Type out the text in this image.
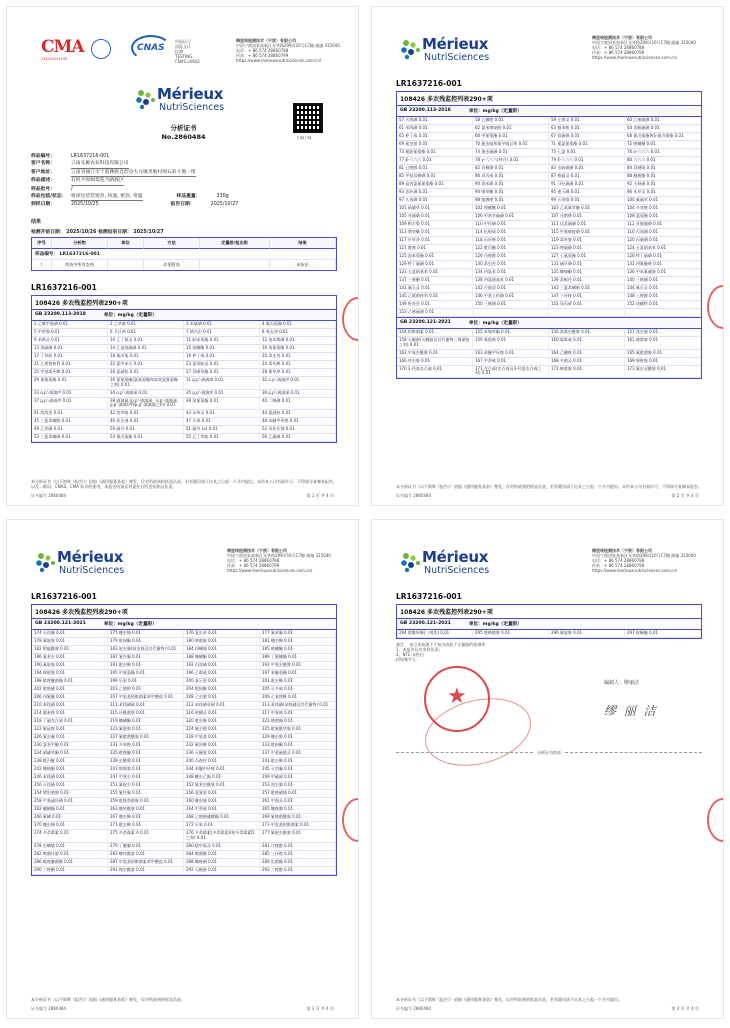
CMA
231020341198
CNAS
中国认可
国际互认
检测
TESTING
CNAS L6942
梅里埃检测技术（宁波）有限公司
中国宁波国家高新区光华路299弄16号C7幢 邮编 315040
电话：+ 86 574 28860788
传真：+ 86 574 28860799
https://www.merieuxnutrisciences.com.cn/
Mérieux
NutriSciences
扫码下载
分析证书
No.2860484
样品编号：	LR1637216-001
客户名称：	云南头雁农业科技有限公司
客户地址：	云南省丽江市宁蒗彝族自治县大兴镇青地村坝石前寸地一组
样品描述：	有机平原刺梨苞乃路渡区
样品批号：	/
样品包装/状态： 密闭包装装密封, 快递, 密封, 常温	样品重量：	330g
到样日期：	2025/10/25	报告日期：	2025/10/27
结果
检测开始日期： 2025/10/26 检测结束日期： 2025/10/27
序号	分析物	单位	方法	定量限/检出限	结果
样品编号： LR1637216-001
/	列表中所有农药	详见附表	未检出
LR1637216-001
108426 多农残监控列表290+项
GB 23200.113-2018	单位：mg/kg（定量限）
1 乙酰甲胺磷 0.01	2 乙草胺 0.01	3 苯硫磷 0.01	4 氟丙菊酯 0.01
5 甲草胺 0.01	6 艾氏剂 0.01	7 烯丙虫 0.01	8 莠去津 0.01
9 苯菌灵 0.01	10 乙丁氟灵 0.01	11 联苯菊酯 0.01	12 溴苯烯磷 0.01
13 溴硫磷 0.01	14 乙基溴硫磷 0.01	15 溴螨酯 0.01	16 溴氰菊酯 0.01
17 丁草胺 0.01	18 氟丙菊 0.01	19 仲丁威 0.01	20 毒虫畏 0.01
21 乙烯菌核利 0.01	22 氯甲苯灭 0.01	23 氯苯胺灵 0.01	24 毒死蜱 0.01
25 甲基毒死蜱 0.01	26 氯硝胺 0.01	27 异噁草酮 0.01	28 氰草津 0.01
29 氰氟菊酯 0.01	30 氯氰菊酯(氯氰菊酯和高效氯氰菊酯之和) 0.01
31 p,p'-滴滴滴 0.01	32 o,p'-滴滴伊 0.01
33 o,p'-滴滴伊 0.01	34 o,p'-滴滴涕 0.01	35 p,p'-滴滴伊 0.01	36 p,p'-滴滴涕 0.01
37 p,p'-滴滴伊 0.01	38 滴滴涕 (p,p'-滴滴涕、o,p'-滴滴涕、p,p'-滴滴伊和p,p'-滴滴滴之和) 0.01
39 溴氰菊酯 0.01	40 二嗪磷 0.01
41 敌敌畏 0.01	42 敌草腈 0.01	43 禾草灵 0.01	44 氯硝胺 0.01
45 三氯杀螨醇 0.01	46 狄氏剂 0.01	47 乐果 0.01	48 苯醚甲环唑 0.01
49 乙拌磷 0.01	50 硫丹 0.01	51 硫丹 (α) 0.01	52 异狄氏剂 0.01
53 三氯杀螨砜 0.01	54 氰戊菊酯 0.01	55 乙丁草胺 0.01	56 乙硫磷 0.01
本分析证书（以下简称《报告》）依据《通用服务条款》签发，仅对所收到的样品负责，若有疑问请于出具之日起一个月内提出。未经本公司书面许可，不得部分复制本报告，以及二维码、CNAS、CMA 标识的使用，本报告结果仅对委托方所送检样品负责。
证书编号 2860484	第 1 页 共 4 页
Mérieux
NutriSciences
梅里埃检测技术（宁波）有限公司
中国宁波国家高新区光华路299弄16号C7幢 邮编 315040
电话：+ 86 574 28860788
传真：+ 86 574 28860799
https://www.merieuxnutrisciences.com.cn/
LR1637216-001
108426 多农残监控列表290+项
GB 23200.113-2018	单位：mg/kg（定量限）
57 灭线磷 0.01	58 乙螨唑 0.01	59 土菌灵 0.01	60 乙嘧硫磷 0.01
61 苯线磷 0.01	62 氯苯嘧啶醇 0.01	63 腈苯唑 0.01	64 杀螟硫磷 0.01
65 仲丁威 0.01	66 甲氰菊酯 0.01	67 倍硫磷 0.01	68 氰戊菊酯和S-氰戊菊酯 0.01
69 氟虫腈 0.01	70 氟虫腈和氟甲腈总和 0.01	71 氟氯氰菊酯 0.01	72 喹螨醚 0.01
73 氟胺氰菊酯 0.01	74 地虫硫磷 0.01	75 七氯 0.01	76 α-六六六 0.01
77 β-六六六 0.01	78 γ-六六六(林丹) 0.01	79 δ-六六六 0.01	80 六六六 0.01
81 己唑醇 0.01	82 异柳磷 0.01	83 水胺硫磷 0.01	84 异噁隆 0.01
85 甲基异柳磷 0.01	86 异丙威 0.01	87 稻瘟灵 0.01	88 醚菌酯 0.01
89 高效氯氟氰菊酯 0.01	90 溴苯磷 0.01	91 马拉硫磷 0.01	92 灭蚜磷 0.01
93 杀扑磷 0.01	94 嗪草酮 0.01	95 速灭磷 0.01	96 禾草灵 0.01
97 久效磷 0.01	98 腈菌唑 0.01	99 灭草隆 0.01	100 氟硫草 0.01
101 硝磺草 0.01	102 喹螨醚 0.01	103 乙氧氟草醚 0.01	104 多效唑 0.01
105 对硫磷 0.01	106 甲基对硫磷 0.01	107 戊菌唑 0.01	108 氯菊酯 0.01
109 稻丰散 0.01	110 甲拌磷 0.01	111 伏杀硫磷 0.01	112 亚胺硫磷 0.01
113 增效醚 0.01	114 抗蚜威 0.01	115 甲基嘧啶磷 0.01	116 丙溴磷 0.01
117 扑草净 0.01	118 丙环唑 0.01	119 毒草胺 0.01	120 丙硫磷 0.01
121 吡唑 0.01	122 吡丙醚 0.01	123 喹硫磷 0.01	124 五氯硝基苯 0.01
125 溴苯菊酯 0.01	126 戊唑醇 0.01	127 七氟菊酯 0.01	128 特丁硫磷 0.01
129 特丁硫磷 0.01	130 杀虫畏 0.01	131 硫环磷 0.01	132 四氟醚唑 0.01
133 五氯硝基苯 0.01	134 四氯苯 0.01	135 噻嗪酮 0.01	136 甲苯氟磺胺 0.01
137 三唑酮 0.01	138 四氯硝基苯 0.01	139 杀螟丹 0.01	140 三唑磷 0.01
141 氟乐灵 0.01	142 百菌清 0.01	143 三氯杀螨砜 0.01	144 氟乐灵 0.01
145 乙烯菌核利 0.01	146 甲基立枯磷 0.01	147 三环唑 0.01	148 三唑醇 0.01
149 野麦畏 0.01	150 三唑磷 0.01	151 异丙威 0.01	152 炔螨特 0.01
153 乙嘧硫磷 0.01
GB 23200.121-2021	单位：mg/kg（定量限）
154 阿维菌素 0.01	155 苯嗪草酮 0.01	156 溴氰虫酰胺 0.01	157 溴虫腈 0.01
158 灭蝇胺(灭蝇胺及其代谢物三聚氰胺之和) 0.01
159 氰霜唑 0.01	160 霜霉威 0.01	161 嘧霉胺 0.01
162 甲氧虫酰肼 0.01	163 苯醚甲环唑 0.01	164 乙螨唑 0.01	165 氟吡菌胺 0.01
166 呋虫胺 0.01	167 甲萘威 0.01	168 多菌灵 0.01	169 咪鲜胺 0.01
170 3-羟基克百威 0.01	171 克百威(克百威及3-羟基克百威之和) 0.01
172 嘧霉胺 0.01	173 氟虫双酰胺 0.01
本分析证书（以下简称《报告》）依据《通用服务条款》签发，仅对所收到的样品负责，若有疑问请于出具之日起一个月内提出。未经本公司书面许可，不得部分复制本报告。
证书编号 2860484	第 2 页 共 4 页
Mérieux
NutriSciences
梅里埃检测技术（宁波）有限公司
中国宁波国家高新区光华路299弄16号C7幢 邮编 315040
电话：+ 86 574 28860788
传真：+ 86 574 28860799
https://www.merieuxnutrisciences.com.cn/
LR1637216-001
108426 多农残监控列表290+项
GB 23200.121-2021	单位：mg/kg（定量限）
174 灭幼脲 0.01	175 噻虫嗪 0.01	176 氯虫苯 0.01	177 氟苯脲 0.01
178 氟啶胺 0.01	179 吡蚜酮 0.01	180 嘧菌胺 0.01	181 噻虫啉 0.01
182 稻瘟酰胺 0.01	183 啶虫脒(啶虫脒及其代谢物) 0.01	184 四螨嗪 0.01	185 嘧螨醚 0.01
186 氟苯虫 0.01	187 氟铃脲 0.01	188 噻螨酮 0.01	189 丁氟螨酯 0.01
190 氟啶胺 0.01	191 吡虫啉 0.01	192 丙溴磷 0.01	193 甲氧虫酰肼 0.01
194 咪鲜胺 0.01	195 甲氰菊酯 0.01	196 乙霉威 0.01	197 苯醚菊酯 0.01
198 吡唑醚菌酯 0.01	199 乐果 0.01	200 氧乐果 0.01	201 吡虫啉 0.01
202 吡嘧磺 0.01	203 乙嘧酚 0.01	204 吡蚜酮 0.01	205 灭多威 0.01
206 四氟醚 0.01	207 甲氨基阿维菌素苯甲酸盐 0.01	208 乙虫腈 0.01	209 乙氧喹啉 0.01
210 苯线磷 0.01	211 苯线磷砜 0.01	212 苯线磷亚砜 0.01	213 苯线磷(苯线磷及其代谢物) 0.01
214 腈苯唑 0.01	215 环酰菌胺 0.01	216 哒螨灵 0.01	217 甲氧咪 0.01
218 丁硫克百威 0.01	219 噻螨酮 0.01	220 吡虫啉 0.01	221 嘧菌酯 0.01
222 氟硅唑 0.01	223 氟啶胺 0.01	224 氟虫腈 0.01	225 吡氟酰草胺 0.01
226 氟虫脲 0.01	227 氟吡菌酰胺 0.01	228 甲氨基 0.01	229 噻虫胺 0.01
230 氯苯甲醚 0.01	231 多效唑 0.01	232 氟吗啉 0.01	233 吡蚜酮 0.01
234 硝磺草酮 0.01	235 吡唑醚 0.01	236 灭蝇胺 0.01	237 甲基硫菌灵 0.01
238 吡丙醚 0.01	239 虫酰肼 0.01	240 丙森锌 0.01	241 吡虫啉 0.01
242 噻嗪酮 0.01	243 嘧霉胺 0.01	244 苯醚甲环唑 0.01	245 灭幼脲 0.01
246 苯线磷 0.01	247 甲氧虫 0.01	248 螺虫乙酯 0.01	249 甲硫威 0.01
250 灭线磷 0.01	251 氟啶虫 0.01	252 氟苯虫酰胺 0.01	253 溴虫腈 0.01
254 烯肟菌胺 0.01	255 氟铃脲 0.01	256 氯氰菊 0.01	257 吡嘧磺隆 0.01
258 甲基硫环磷 0.01	259 吡唑萘菌胺 0.01	260 噻虫嗪 0.01	261 甲霜灵 0.01
262 螺螨酯 0.01	263 噻呋酰胺 0.01	264 甲萘威 0.01	265 噻唑膦 0.01
266 氟螨 0.01	267 噻虫啉 0.01	268 乙嘧酚磺酸酯 0.01	269 氟唑菌酰胺 0.01
270 噻虫嗪 0.01	271 吡虫啉 0.01	272 乐果 0.01	273 甲氨基阿维菌素 0.01
274 多杀霉素 0.01	275 多杀霉素 A 0.01	276 多杀霉素(多杀霉素A和多杀霉素D之和) 0.01
277 氟啶虫酰胺 0.01
278 虫螨腈 0.01	279 丁醚脲 0.01	280 精甲霜灵 0.01	281 戊唑醇 0.01
282 嘧菌环胺 0.01	283 噻呋酰胺 0.01	284 嘧菌酯 0.01	285 三环唑 0.01
286 吡唑醚菌酯 0.01	287 甲氨基阿维菌素苯甲酸盐 0.01	288 噻唑磷 0.01	289 肟菌酯 0.01
290 三唑酮 0.01	291 唑虫酰胺 0.01	292 灭蝇胺 0.01	293 三唑醇 0.01
本分析证书（以下简称《报告》）依据《通用服务条款》签发，仅对所收到的样品负责。
证书编号 2860484	第 3 页 共 4 页
Mérieux
NutriSciences
梅里埃检测技术（宁波）有限公司
中国宁波国家高新区光华路299弄16号C7幢 邮编 315040
电话：+ 86 574 28860788
传真：+ 86 574 28860799
https://www.merieuxnutrisciences.com.cn/
LR1637216-001
108426 多农残监控列表290+项
GB 23200.121-2021	单位：mg/kg（定量限）
294 烯酰吗啉(三唑类) 0.01	295 唑嘧菌胺 0.01	296 氟啶胺 0.01	297 蚊蝇醚 0.01
备注： 表示本检测下不检出或低于定量限的检测项
1、本报告仅对来样负责；
2、NTC-未检出
授权签字人：
编制人：缪丽洁
★
缪 丽 洁
分析证书结束
本分析证书（以下简称《报告》）依据《通用服务条款》签发，仅对所收到的样品负责，若有疑问请于出具之日起一个月内提出。
证书编号 2860484	第 4 页 共 4 页
